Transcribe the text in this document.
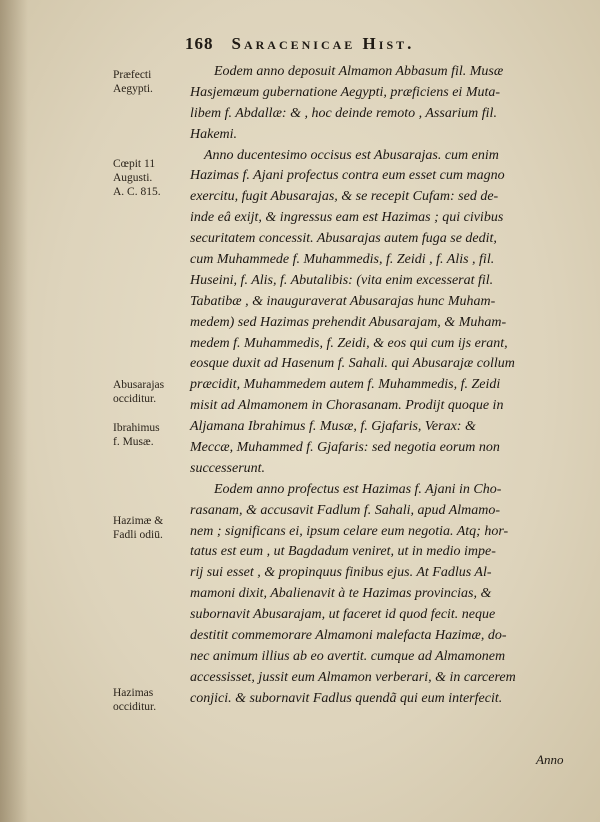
168 Saracenicae Hist.
Præfecti
Aegypti.
Cœpit 11
Augusti.
A. C. 815.
Abusarajas
occiditur.
Ibrahimus
f. Musæ.
Hazimæ &
Fadli odiū.
Hazimas
occiditur.
Eodem anno deposuit Almamon Abbasum fil. Musæ
Hasjemæum gubernatione Aegypti, præficiens ei Muta-
libem f. Abdallæ: & , hoc deinde remoto , Assarium fil.
Hakemi.
Anno ducentesimo occisus est Abusarajas. cum enim
Hazimas f. Ajani profectus contra eum esset cum magno
exercitu, fugit Abusarajas, & se recepit Cufam: sed de-
inde eâ exijt, & ingressus eam est Hazimas ; qui civibus
securitatem concessit. Abusarajas autem fuga se dedit,
cum Muhammede f. Muhammedis, f. Zeidi , f. Alis , fil.
Huseini, f. Alis, f. Abutalibis: (vita enim excesserat fil.
Tabatibæ , & inauguraverat Abusarajas hunc Muham-
medem) sed Hazimas prehendit Abusarajam, & Muham-
medem f. Muhammedis, f. Zeidi, & eos qui cum ijs erant,
eosque duxit ad Hasenum f. Sahali. qui Abusarajæ collum
præcidit, Muhammedem autem f. Muhammedis, f. Zeidi
misit ad Almamonem in Chorasanam. Prodijt quoque in
Aljamana Ibrahimus f. Musæ, f. Gjafaris, Verax: &
Meccæ, Muhammed f. Gjafaris: sed negotia eorum non
successerunt.
Eodem anno profectus est Hazimas f. Ajani in Cho-
rasanam, & accusavit Fadlum f. Sahali, apud Almamo-
nem ; significans ei, ipsum celare eum negotia. Atq; hor-
tatus est eum , ut Bagdadum veniret, ut in medio impe-
rij sui esset , & propinquus finibus ejus. At Fadlus Al-
mamoni dixit, Abalienavit à te Hazimas provincias, &
subornavit Abusarajam, ut faceret id quod fecit. neque
destitit commemorare Almamoni malefacta Hazimæ, do-
nec animum illius ab eo avertit. cumque ad Almamonem
accessisset, jussit eum Almamon verberari, & in carcerem
conjici. & subornavit Fadlus quendã qui eum interfecit.
Anno
